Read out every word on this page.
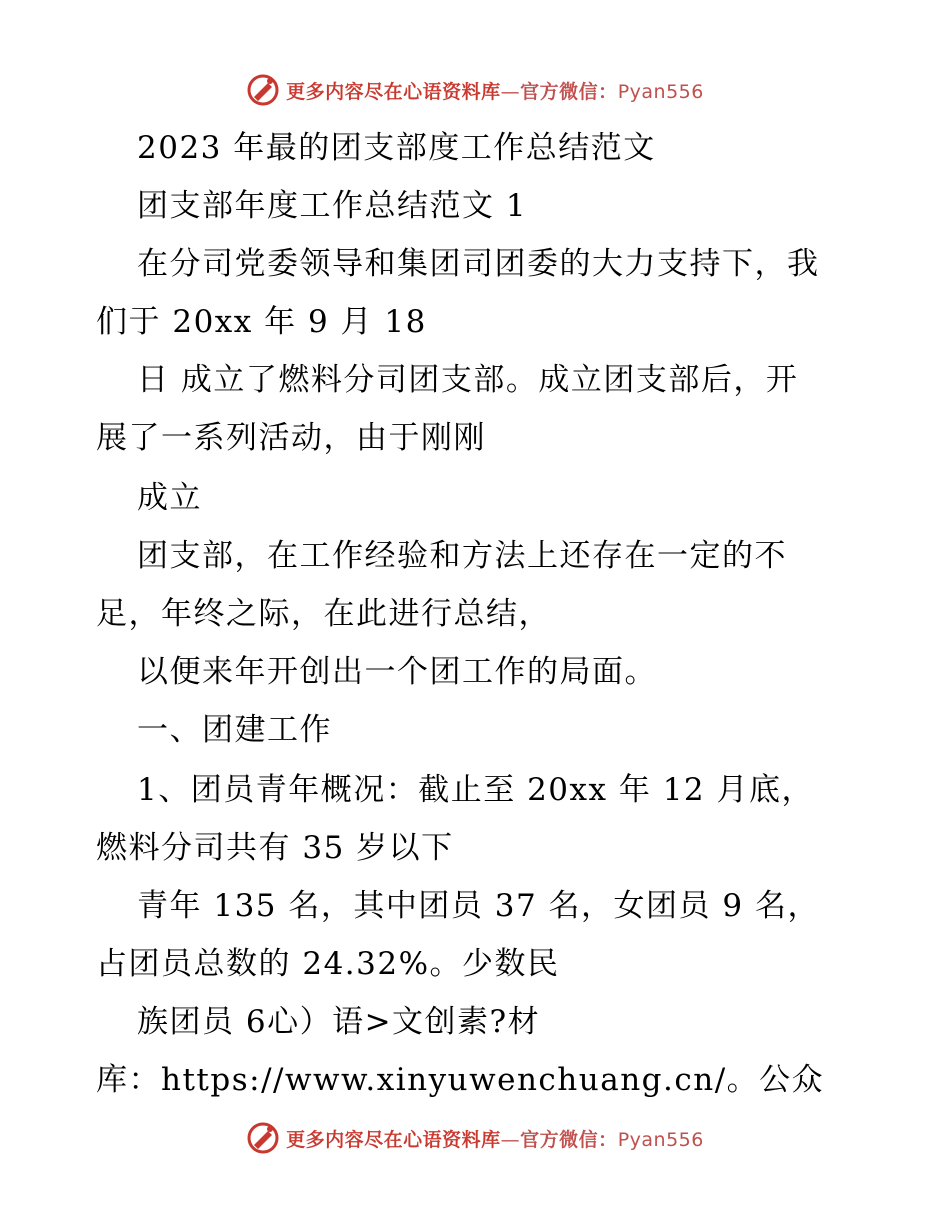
更多内容尽在心语资料库—官方微信：Pyan556
2023 年最的团支部度工作总结范文
团支部年度工作总结范文 1
在分司党委领导和集团司团委的大力支持下，我
们于 20xx 年 9 月 18
日 成立了燃料分司团支部。成立团支部后，开
展了一系列活动，由于刚刚
成立
团支部，在工作经验和方法上还存在一定的不
足，年终之际，在此进行总结，
以便来年开创出一个团工作的局面。
一、团建工作
1、团员青年概况：截止至 20xx 年 12 月底，
燃料分司共有 35 岁以下
青年 135 名，其中团员 37 名，女团员 9 名，
占团员总数的 24.32%。少数民
族团员 6心）语>文创素?材
库：https://www.xinyuwenchuang.cn/。公众
更多内容尽在心语资料库—官方微信：Pyan556
